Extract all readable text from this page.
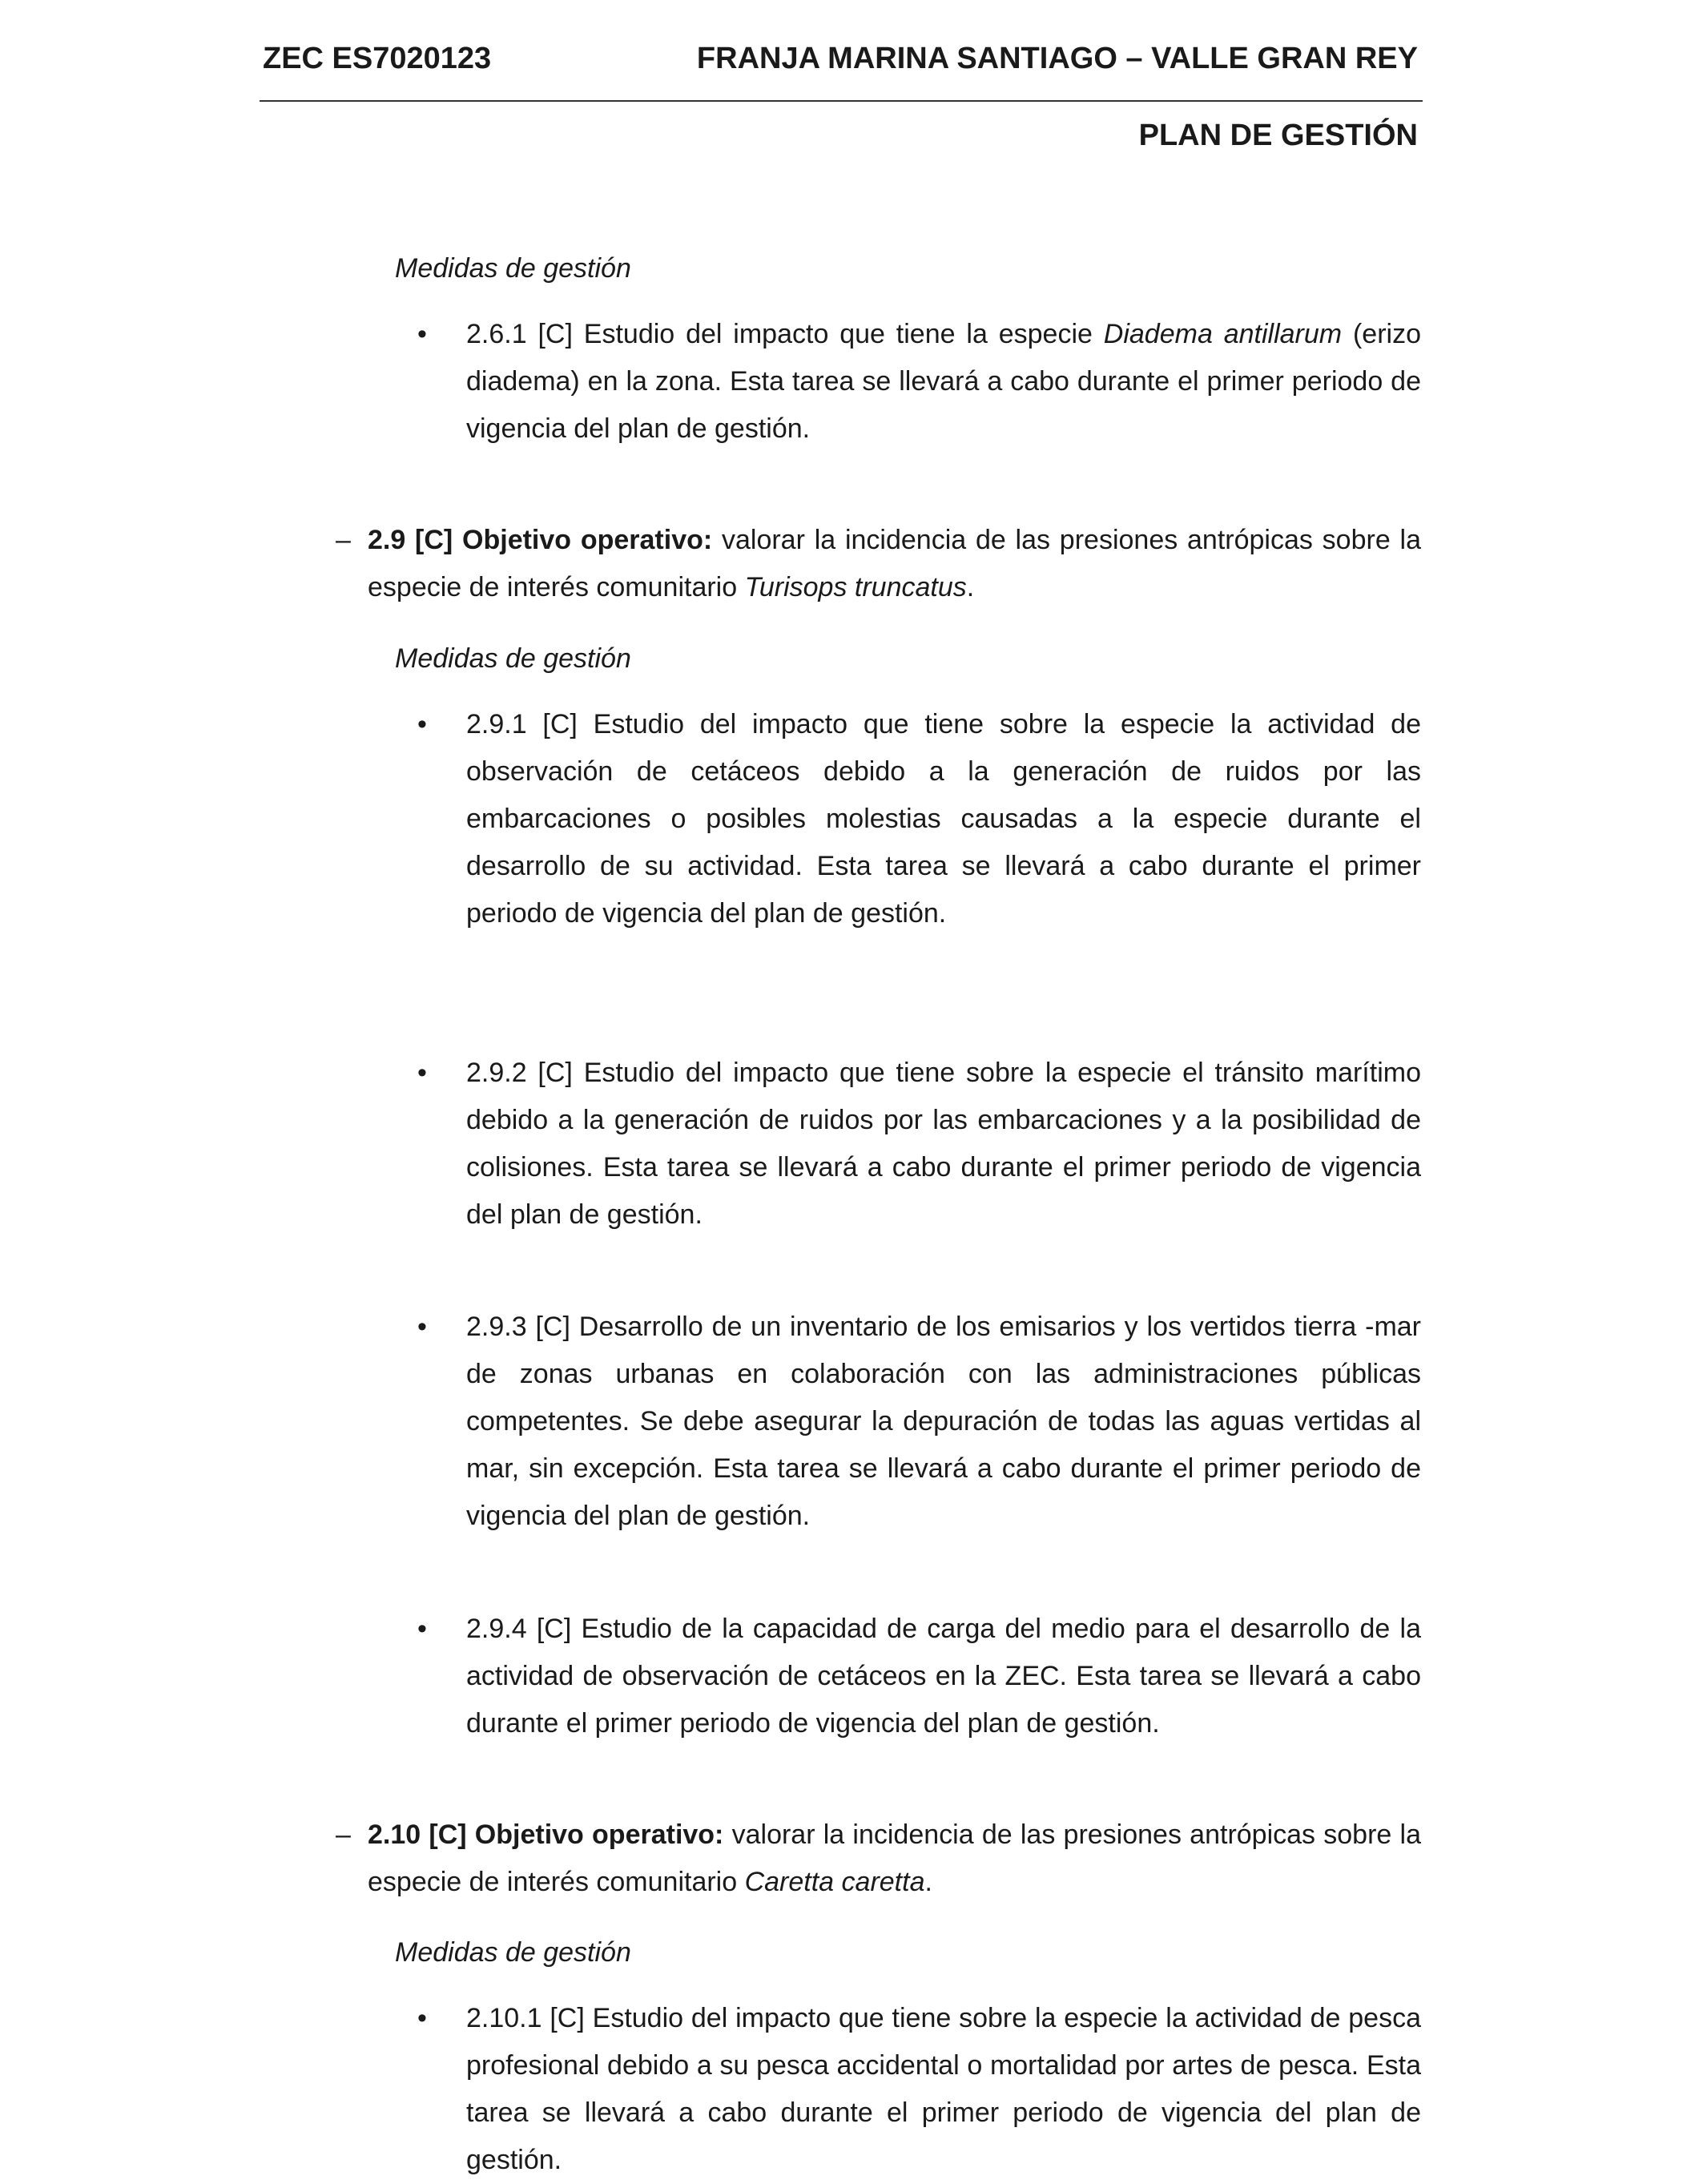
ZEC ES7020123	FRANJA MARINA SANTIAGO – VALLE GRAN REY
PLAN DE GESTIÓN
Medidas de gestión
• 2.6.1 [C] Estudio del impacto que tiene la especie Diadema antillarum (erizo diadema) en la zona. Esta tarea se llevará a cabo durante el primer periodo de vigencia del plan de gestión.
– 2.9 [C] Objetivo operativo: valorar la incidencia de las presiones antrópicas sobre la especie de interés comunitario Turisops truncatus.
Medidas de gestión
• 2.9.1 [C] Estudio del impacto que tiene sobre la especie la actividad de observación de cetáceos debido a la generación de ruidos por las embarcaciones o posibles molestias causadas a la especie durante el desarrollo de su actividad. Esta tarea se llevará a cabo durante el primer periodo de vigencia del plan de gestión.
• 2.9.2 [C] Estudio del impacto que tiene sobre la especie el tránsito marítimo debido a la generación de ruidos por las embarcaciones y a la posibilidad de colisiones. Esta tarea se llevará a cabo durante el primer periodo de vigencia del plan de gestión.
• 2.9.3 [C] Desarrollo de un inventario de los emisarios y los vertidos tierra -mar de zonas urbanas en colaboración con las administraciones públicas competentes. Se debe asegurar la depuración de todas las aguas vertidas al mar, sin excepción. Esta tarea se llevará a cabo durante el primer periodo de vigencia del plan de gestión.
• 2.9.4 [C] Estudio de la capacidad de carga del medio para el desarrollo de la actividad de observación de cetáceos en la ZEC. Esta tarea se llevará a cabo durante el primer periodo de vigencia del plan de gestión.
– 2.10 [C] Objetivo operativo: valorar la incidencia de las presiones antrópicas sobre la especie de interés comunitario Caretta caretta.
Medidas de gestión
• 2.10.1 [C] Estudio del impacto que tiene sobre la especie la actividad de pesca profesional debido a su pesca accidental o mortalidad por artes de pesca. Esta tarea se llevará a cabo durante el primer periodo de vigencia del plan de gestión.
